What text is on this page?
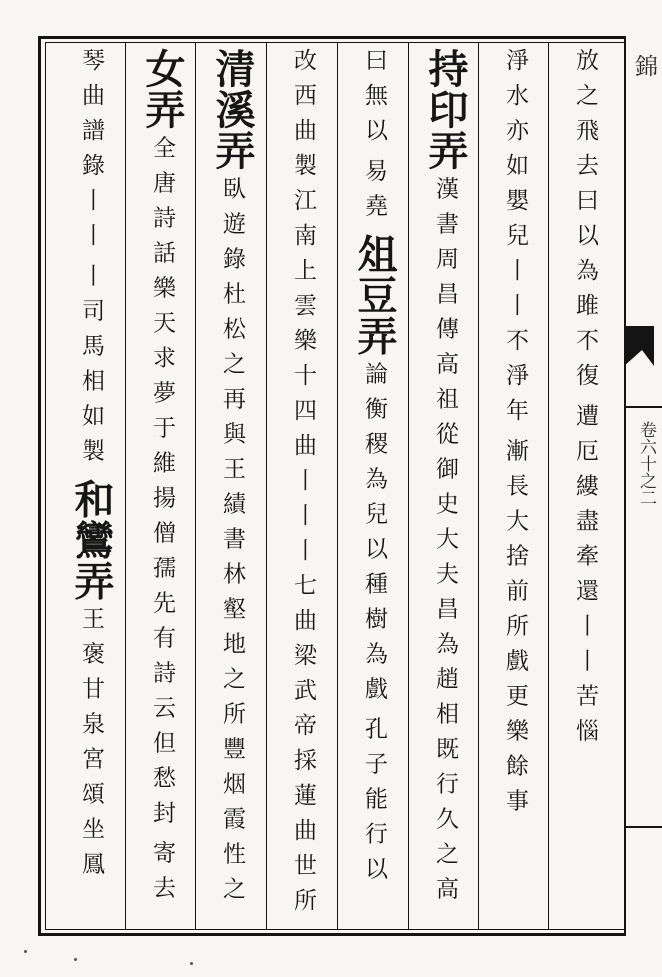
錦
卷六十之二
放之飛去曰以為雎不復 遭厄縷盡牽還丨丨苦惱
淨水亦如嬰兒丨丨不淨年 漸長大捨前所戲更樂餘事
持印弄 漢書周昌傳高祖從御史大夫昌為趙相既行久之高
曰無以 易堯 俎豆弄 論衡稷為兒以種樹為戲 孔子能行以
改西曲製江南上雲樂十四曲丨丨丨七曲梁武帝採蓮曲世所
清溪弄 臥遊錄杜松之再與王績書林壑地之所豐烟霞性之
女弄 全唐詩話樂天求夢于維揚僧孺先有詩云但愁封 寄去
琴曲譜錄丨丨 丨司馬相如製 和鸞弄 王褒甘泉宮頌坐鳳
